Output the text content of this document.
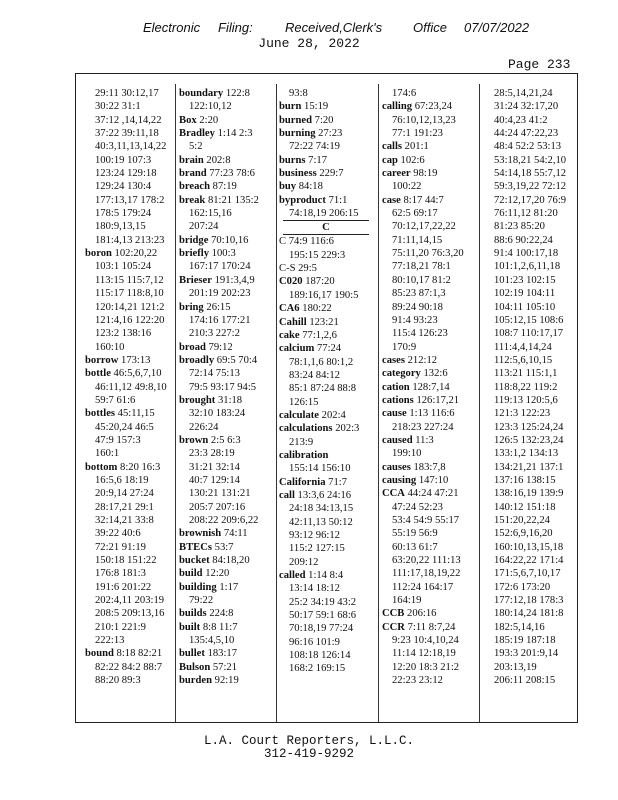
Electronic Filing: Received,Clerk's Office 07/07/2022
June 28, 2022
Page 233
29:11 30:12,17
30:22 31:1
37:12 ,14,14,22
37:22 39:11,18
40:3,11,13,14,22
100:19 107:3
123:24 129:18
129:24 130:4
177:13,17 178:2
178:5 179:24
180:9,13,15
181:4,13 213:23
boron 102:20,22
103:1 105:24
113:15 115:7,12
115:17 118:8,10
120:14,21 121:2
121:4,16 122:20
123:2 138:16
160:10
borrow 173:13
bottle 46:5,6,7,10
46:11,12 49:8,10
59:7 61:6
bottles 45:11,15
45:20,24 46:5
47:9 157:3
160:1
bottom 8:20 16:3
16:5,6 18:19
20:9,14 27:24
28:17,21 29:1
32:14,21 33:8
39:22 40:6
72:21 91:19
150:18 151:22
176:8 181:3
191:6 201:22
202:4,11 203:19
208:5 209:13,16
210:1 221:9
222:13
bound 8:18 82:21
82:22 84:2 88:7
88:20 89:3
boundary 122:8
122:10,12
Box 2:20
Bradley 1:14 2:3
5:2
brain 202:8
brand 77:23 78:6
breach 87:19
break 81:21 135:2
162:15,16
207:24
bridge 70:10,16
briefly 100:3
167:17 170:24
Brieser 191:3,4,9
201:19 202:23
bring 26:15
174:16 177:21
210:3 227:2
broad 79:12
broadly 69:5 70:4
72:14 75:13
79:5 93:17 94:5
brought 31:18
32:10 183:24
226:24
brown 2:5 6:3
23:3 28:19
31:21 32:14
40:7 129:14
130:21 131:21
205:7 207:16
208:22 209:6,22
brownish 74:11
BTECs 53:7
bucket 84:18,20
build 12:20
building 1:17
79:22
builds 224:8
built 8:8 11:7
135:4,5,10
bullet 183:17
Bulson 57:21
burden 92:19
93:8
burn 15:19
burned 7:20
burning 27:23
72:22 74:19
burns 7:17
business 229:7
buy 84:18
byproduct 71:1
74:18,19 206:15
C
C 74:9 116:6
195:15 229:3
C-S 29:5
C020 187:20
189:16,17 190:5
CA6 180:22
Cahill 123:21
cake 77:1,2,6
calcium 77:24
78:1,1,6 80:1,2
83:24 84:12
85:1 87:24 88:8
126:15
calculate 202:4
calculations 202:3
213:9
calibration
155:14 156:10
California 71:7
call 13:3,6 24:16
24:18 34:13,15
42:11,13 50:12
93:12 96:12
115:2 127:15
209:12
called 1:14 8:4
13:14 18:12
25:2 34:19 43:2
50:17 59:1 68:6
70:18,19 77:24
96:16 101:9
108:18 126:14
168:2 169:15
174:6
calling 67:23,24
76:10,12,13,23
77:1 191:23
calls 201:1
cap 102:6
career 98:19
100:22
case 8:17 44:7
62:5 69:17
70:12,17,22,22
71:11,14,15
75:11,20 76:3,20
77:18,21 78:1
80:10,17 81:2
85:23 87:1,3
89:24 90:18
91:4 93:23
115:4 126:23
170:9
cases 212:12
category 132:6
cation 128:7,14
cations 126:17,21
cause 1:13 116:6
218:23 227:24
caused 11:3
199:10
causes 183:7,8
causing 147:10
CCA 44:24 47:21
47:24 52:23
53:4 54:9 55:17
55:19 56:9
60:13 61:7
63:20,22 111:13
111:17,18,19,22
112:24 164:17
164:19
CCB 206:16
CCR 7:11 8:7,24
9:23 10:4,10,24
11:14 12:18,19
12:20 18:3 21:2
22:23 23:12
28:5,14,21,24
31:24 32:17,20
40:4,23 41:2
44:24 47:22,23
48:4 52:2 53:13
53:18,21 54:2,10
54:14,18 55:7,12
59:3,19,22 72:12
72:12,17,20 76:9
76:11,12 81:20
81:23 85:20
88:6 90:22,24
91:4 100:17,18
101:1,2,6,11,18
101:23 102:15
102:19 104:11
104:11 105:10
105:12,15 108:6
108:7 110:17,17
111:4,4,14,24
112:5,6,10,15
113:21 115:1,1
118:8,22 119:2
119:13 120:5,6
121:3 122:23
123:3 125:24,24
126:5 132:23,24
133:1,2 134:13
134:21,21 137:1
137:16 138:15
138:16,19 139:9
140:12 151:18
151:20,22,24
152:6,9,16,20
160:10,13,15,18
164:22,22 171:4
171:5,6,7,10,17
172:6 173:20
177:12,18 178:3
180:14,24 181:8
182:5,14,16
185:19 187:18
193:3 201:9,14
203:13,19
206:11 208:15
L.A. Court Reporters, L.L.C.
312-419-9292
